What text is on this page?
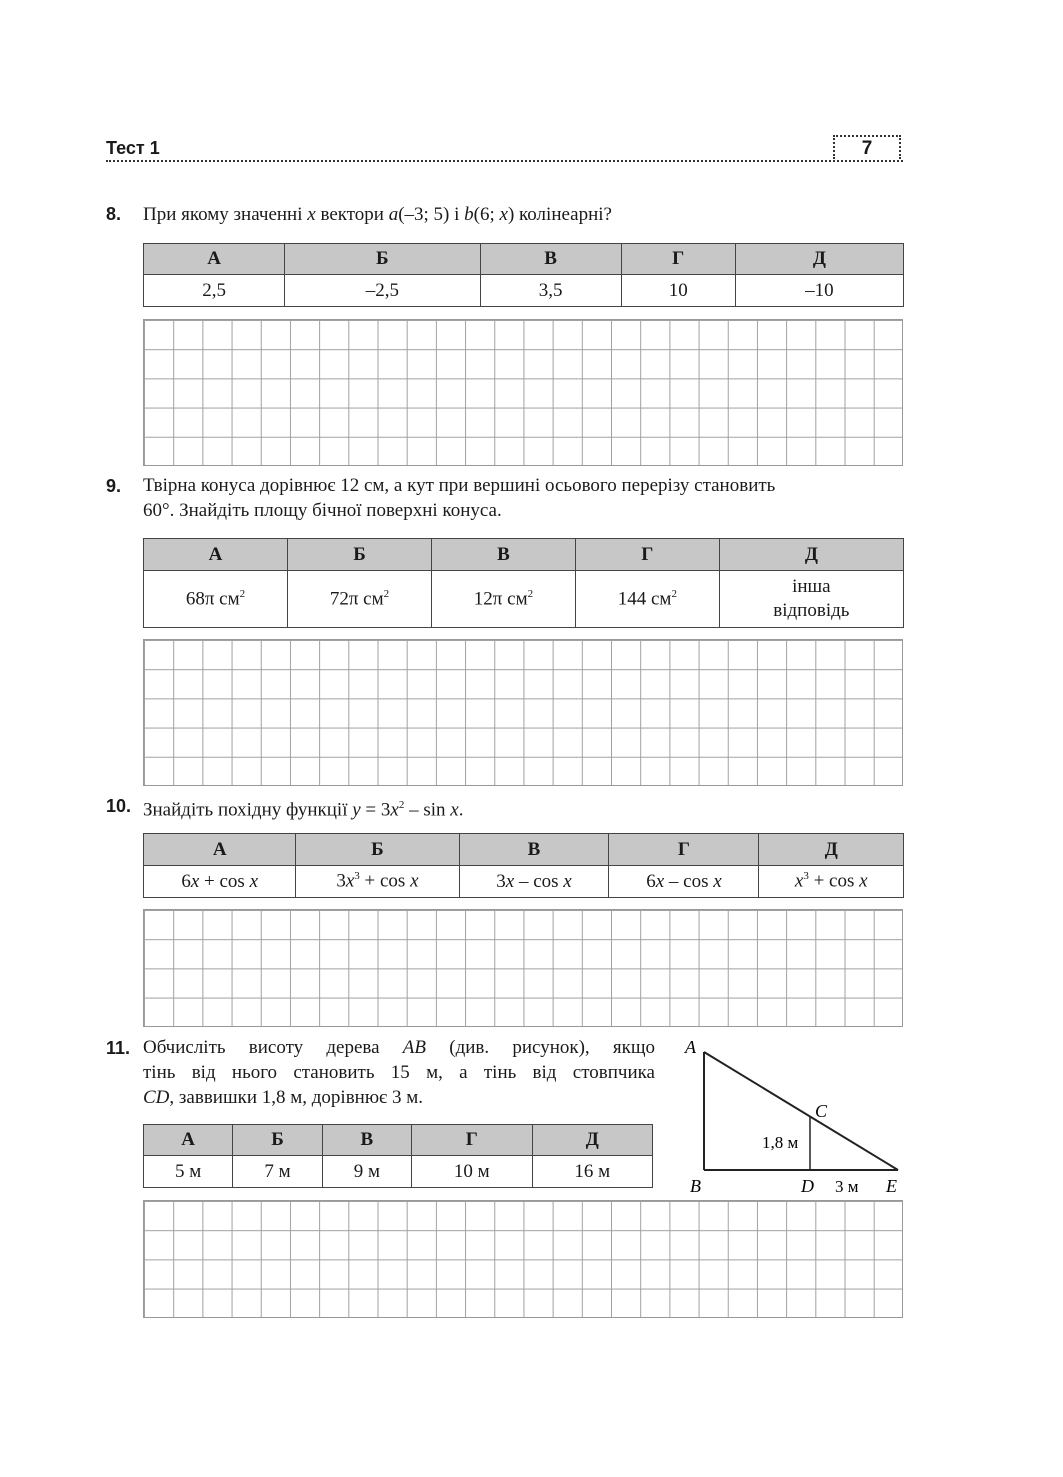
Тест 1	7
8. При якому значенні x вектори a(–3; 5) і b(6; x) колінеарні?
А	Б	В	Г	Д
2,5	–2,5	3,5	10	–10
9. Твірна конуса дорівнює 12 см, а кут при вершині осьового перерізу становить
60°. Знайдіть площу бічної поверхні конуса.
А	Б	В	Г	Д
68π $см^2$	72π $см^2$	12π $см^2$	144 $см^2$	інша
відповідь
10. Знайдіть похідну функції $y = 3x^2 - \sin x$.
А	Б	В	Г	Д
6x + cos x	$3x^3 + \cos x$	3x – cos x	6x – cos x	$x^3 + \cos x$
11. Обчисліть висоту дерева AB (див. рисунок), якщо
тінь від нього становить 15 м, а тінь від стовпчика
CD, заввишки 1,8 м, дорівнює 3 м.
А	Б	В	Г	Д
5 м	7 м	9 м	10 м	16 м
A
B
C
D	E
1,8 м
3 м
